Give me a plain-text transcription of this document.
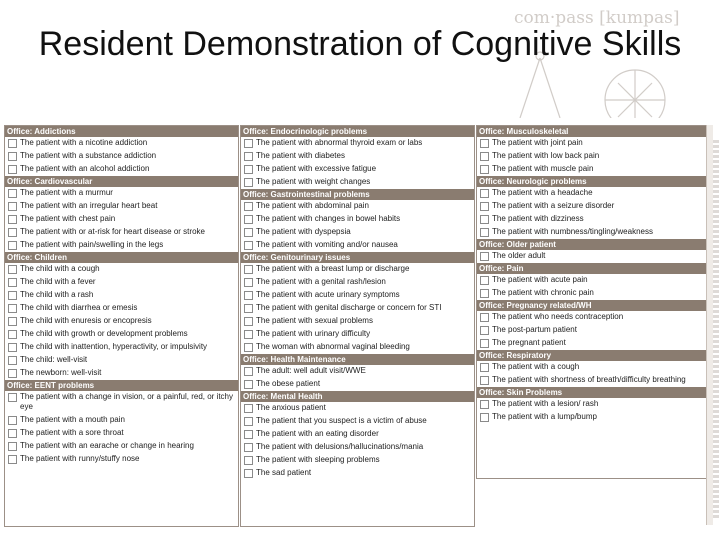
com·pass [kumpas]
Resident Demonstration of Cognitive Skills
Office: Addictions
The patient with a nicotine addiction
The patient with a substance addiction
The patient with an alcohol addiction
Office: Cardiovascular
The patient with a murmur
The patient with an irregular heart beat
The patient with chest pain
The patient with or at-risk for heart disease or stroke
The patient with pain/swelling in the legs
Office: Children
The child with a cough
The child with a fever
The child with a rash
The child with diarrhea or emesis
The child with enuresis or encopresis
The child with growth or development problems
The child with inattention, hyperactivity, or impulsivity
The child: well-visit
The newborn: well-visit
Office: EENT problems
The patient with a change in vision, or a painful, red, or itchy eye
The patient with a mouth pain
The patient with a sore throat
The patient with an earache or change in hearing
The patient with runny/stuffy nose
Office: Endocrinologic problems
The patient with abnormal thyroid exam or labs
The patient with diabetes
The patient with excessive fatigue
The patient with weight changes
Office: Gastrointestinal problems
The patient with abdominal pain
The patient with changes in bowel habits
The patient with dyspepsia
The patient with vomiting and/or nausea
Office: Genitourinary issues
The patient with a breast lump or discharge
The patient with a genital rash/lesion
The patient with acute urinary symptoms
The patient with genital discharge or concern for STI
The patient with sexual problems
The patient with urinary difficulty
The woman with abnormal vaginal bleeding
Office: Health Maintenance
The adult: well adult visit/WWE
The obese patient
Office: Mental Health
The anxious patient
The patient that you suspect is a victim of abuse
The patient with an eating disorder
The patient with delusions/hallucinations/mania
The patient with sleeping problems
The sad patient
Office: Musculoskeletal
The patient with joint pain
The patient with low back pain
The patient with muscle pain
Office: Neurologic problems
The patient with a headache
The patient with a seizure disorder
The patient with dizziness
The patient with numbness/tingling/weakness
Office: Older patient
The older adult
Office: Pain
The patient with acute pain
The patient with chronic pain
Office: Pregnancy related/WH
The patient who needs contraception
The post-partum patient
The pregnant patient
Office: Respiratory
The patient with a cough
The patient with shortness of breath/difficulty breathing
Office: Skin Problems
The patient with a lesion/ rash
The patient with a lump/bump
